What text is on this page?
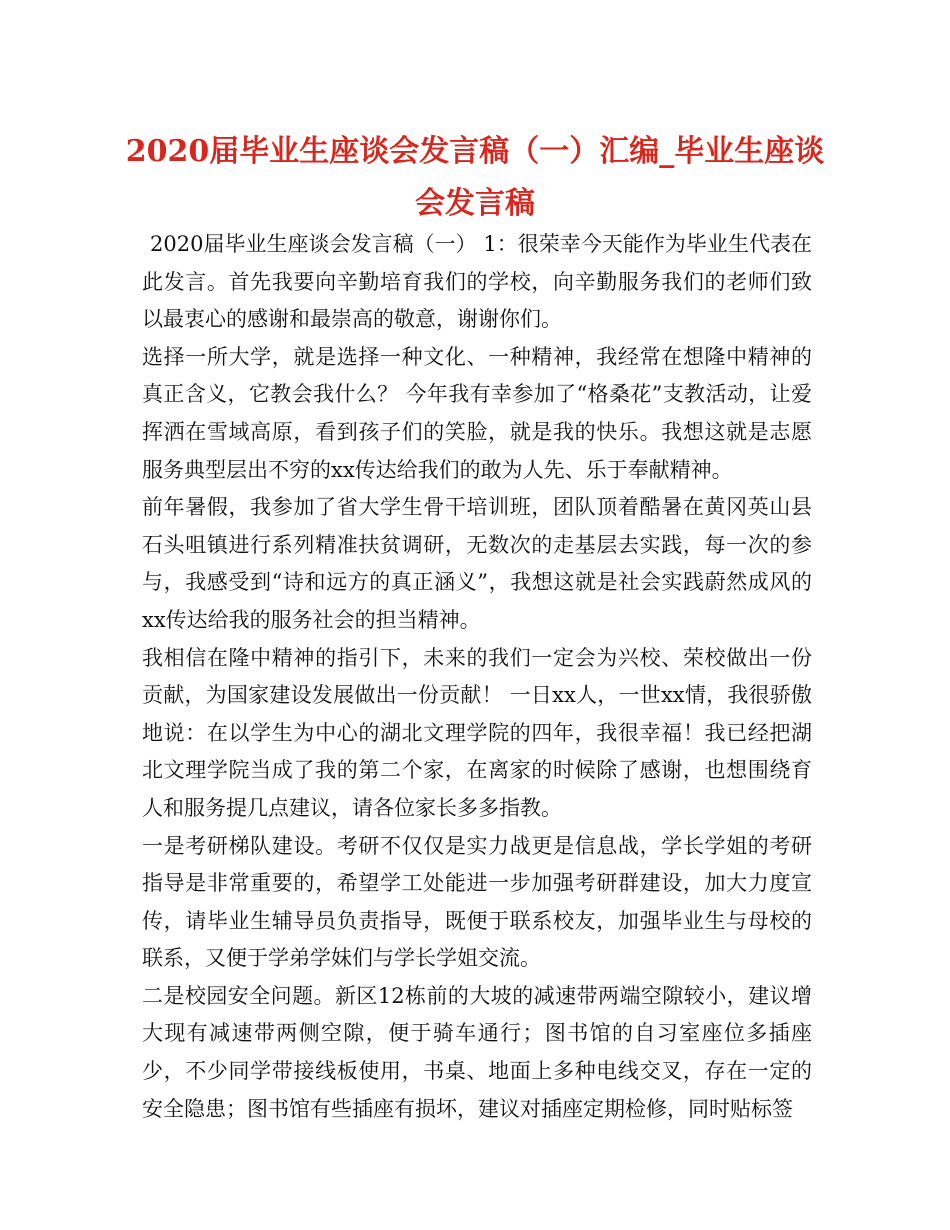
2020届毕业生座谈会发言稿（一）汇编_毕业生座谈会发言稿

2020届毕业生座谈会发言稿（一） 1：很荣幸今天能作为毕业生代表在此发言。首先我要向辛勤培育我们的学校，向辛勤服务我们的老师们致以最衷心的感谢和最崇高的敬意，谢谢你们。

选择一所大学，就是选择一种文化、一种精神，我经常在想隆中精神的真正含义，它教会我什么？ 今年我有幸参加了“格桑花”支教活动，让爱挥洒在雪域高原，看到孩子们的笑脸，就是我的快乐。我想这就是志愿服务典型层出不穷的xx传达给我们的敢为人先、乐于奉献精神。

前年暑假，我参加了省大学生骨干培训班，团队顶着酷暑在黄冈英山县石头咀镇进行系列精准扶贫调研，无数次的走基层去实践，每一次的参与，我感受到“诗和远方的真正涵义”，我想这就是社会实践蔚然成风的xx传达给我的服务社会的担当精神。

我相信在隆中精神的指引下，未来的我们一定会为兴校、荣校做出一份贡献，为国家建设发展做出一份贡献！ 一日xx人，一世xx情，我很骄傲地说：在以学生为中心的湖北文理学院的四年，我很幸福！我已经把湖北文理学院当成了我的第二个家，在离家的时候除了感谢，也想围绕育人和服务提几点建议，请各位家长多多指教。

一是考研梯队建设。考研不仅仅是实力战更是信息战，学长学姐的考研指导是非常重要的，希望学工处能进一步加强考研群建设，加大力度宣传，请毕业生辅导员负责指导，既便于联系校友，加强毕业生与母校的联系，又便于学弟学妹们与学长学姐交流。

二是校园安全问题。新区12栋前的大坡的减速带两端空隙较小，建议增大现有减速带两侧空隙，便于骑车通行；图书馆的自习室座位多插座少，不少同学带接线板使用，书桌、地面上多种电线交叉，存在一定的安全隐患；图书馆有些插座有损坏，建议对插座定期检修，同时贴标签
